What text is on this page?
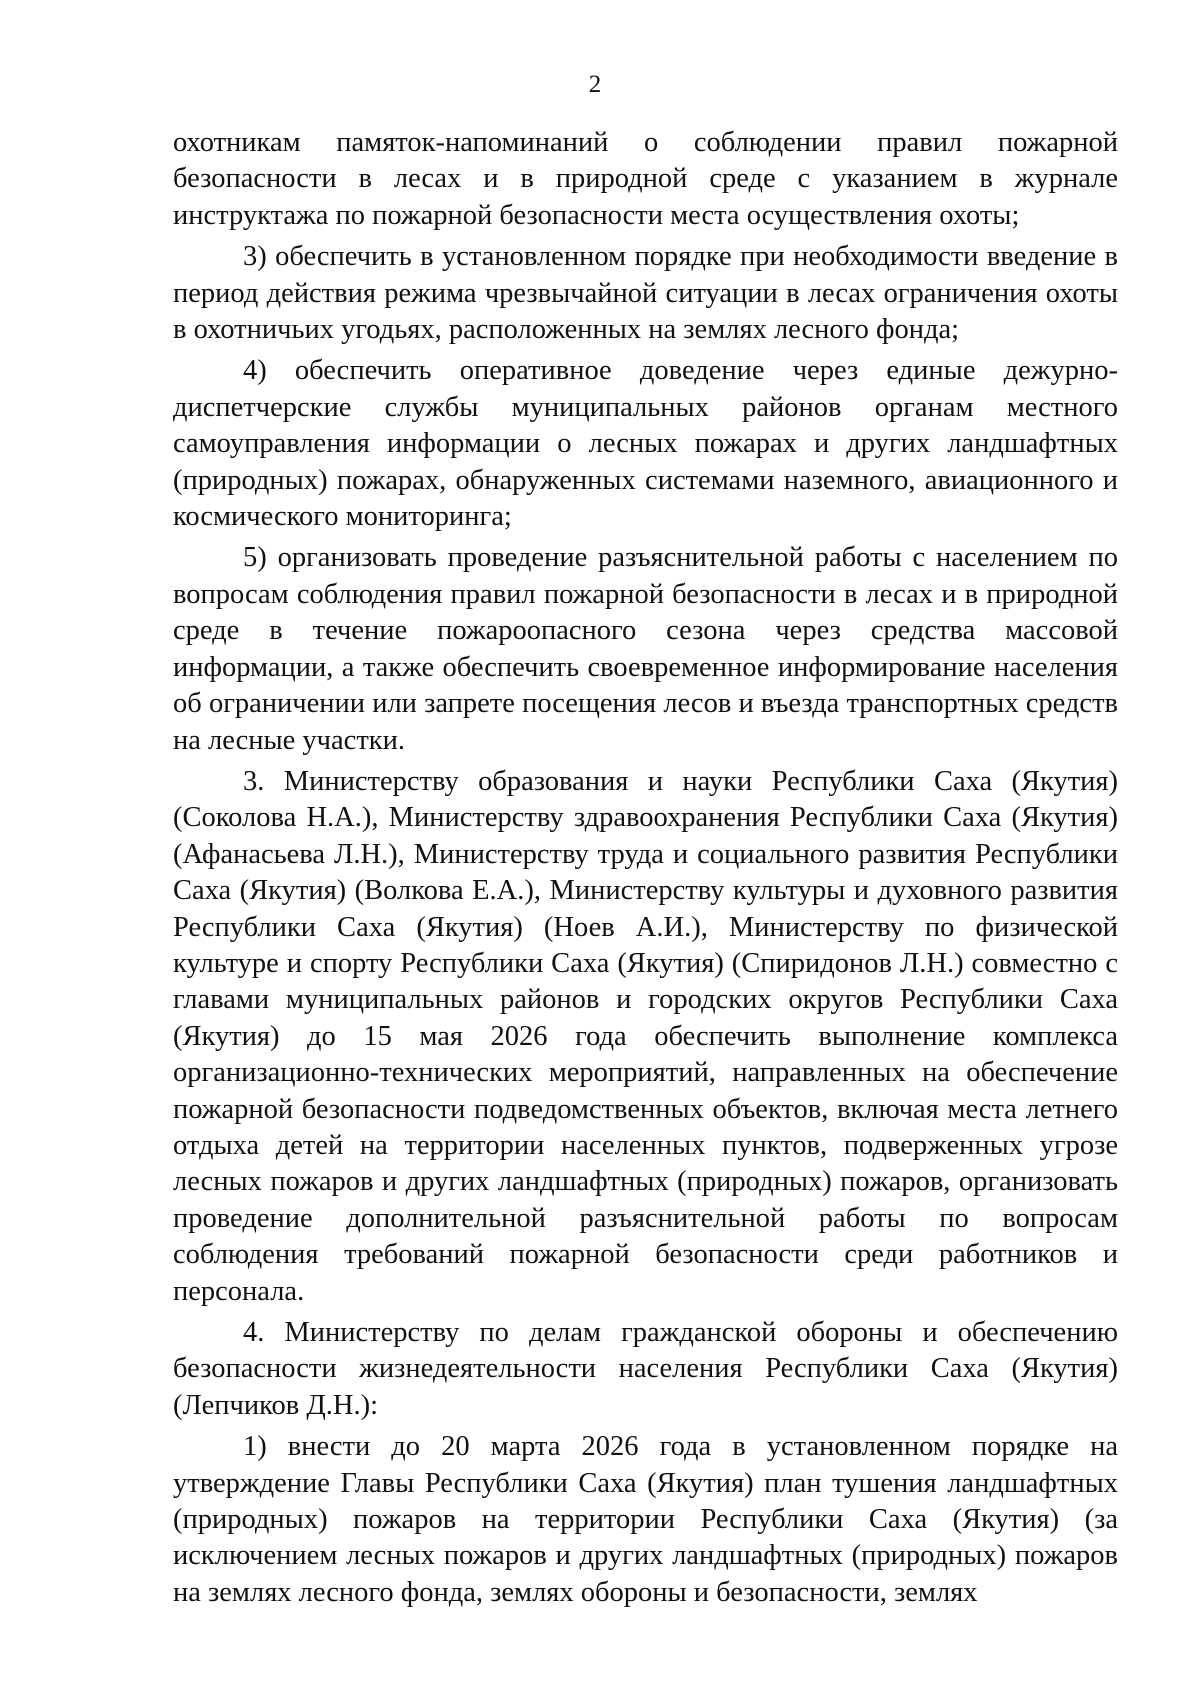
2

охотникам памяток-напоминаний о соблюдении правил пожарной безопасности в лесах и в природной среде с указанием в журнале инструктажа по пожарной безопасности места осуществления охоты;

3) обеспечить в установленном порядке при необходимости введение в период действия режима чрезвычайной ситуации в лесах ограничения охоты в охотничьих угодьях, расположенных на землях лесного фонда;

4) обеспечить оперативное доведение через единые дежурно-диспетчерские службы муниципальных районов органам местного самоуправления информации о лесных пожарах и других ландшафтных (природных) пожарах, обнаруженных системами наземного, авиационного и космического мониторинга;

5) организовать проведение разъяснительной работы с населением по вопросам соблюдения правил пожарной безопасности в лесах и в природной среде в течение пожароопасного сезона через средства массовой информации, а также обеспечить своевременное информирование населения об ограничении или запрете посещения лесов и въезда транспортных средств на лесные участки.

3. Министерству образования и науки Республики Саха (Якутия) (Соколова Н.А.), Министерству здравоохранения Республики Саха (Якутия) (Афанасьева Л.Н.), Министерству труда и социального развития Республики Саха (Якутия) (Волкова Е.А.), Министерству культуры и духовного развития Республики Саха (Якутия) (Ноев А.И.), Министерству по физической культуре и спорту Республики Саха (Якутия) (Спиридонов Л.Н.) совместно с главами муниципальных районов и городских округов Республики Саха (Якутия) до 15 мая 2026 года обеспечить выполнение комплекса организационно-технических мероприятий, направленных на обеспечение пожарной безопасности подведомственных объектов, включая места летнего отдыха детей на территории населенных пунктов, подверженных угрозе лесных пожаров и других ландшафтных (природных) пожаров, организовать проведение дополнительной разъяснительной работы по вопросам соблюдения требований пожарной безопасности среди работников и персонала.

4. Министерству по делам гражданской обороны и обеспечению безопасности жизнедеятельности населения Республики Саха (Якутия) (Лепчиков Д.Н.):

1) внести до 20 марта 2026 года в установленном порядке на утверждение Главы Республики Саха (Якутия) план тушения ландшафтных (природных) пожаров на территории Республики Саха (Якутия) (за исключением лесных пожаров и других ландшафтных (природных) пожаров на землях лесного фонда, землях обороны и безопасности, землях
